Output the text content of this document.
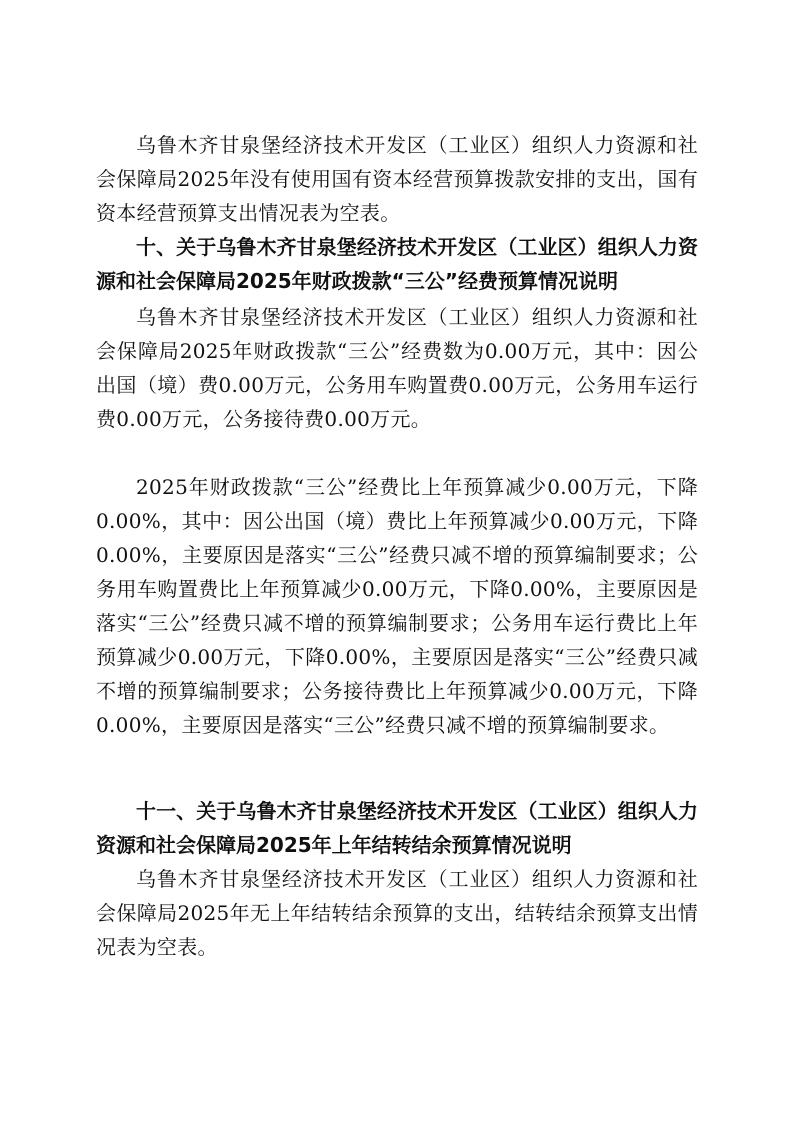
乌鲁木齐甘泉堡经济技术开发区（工业区）组织人力资源和社会保障局2025年没有使用国有资本经营预算拨款安排的支出，国有资本经营预算支出情况表为空表。

十、关于乌鲁木齐甘泉堡经济技术开发区（工业区）组织人力资源和社会保障局2025年财政拨款“三公”经费预算情况说明

乌鲁木齐甘泉堡经济技术开发区（工业区）组织人力资源和社会保障局2025年财政拨款“三公”经费数为0.00万元，其中：因公出国（境）费0.00万元，公务用车购置费0.00万元，公务用车运行费0.00万元，公务接待费0.00万元。

2025年财政拨款“三公”经费比上年预算减少0.00万元，下降0.00%，其中：因公出国（境）费比上年预算减少0.00万元，下降0.00%，主要原因是落实“三公”经费只减不增的预算编制要求；公务用车购置费比上年预算减少0.00万元，下降0.00%，主要原因是落实“三公”经费只减不增的预算编制要求；公务用车运行费比上年预算减少0.00万元，下降0.00%，主要原因是落实“三公”经费只减不增的预算编制要求；公务接待费比上年预算减少0.00万元，下降0.00%，主要原因是落实“三公”经费只减不增的预算编制要求。

十一、关于乌鲁木齐甘泉堡经济技术开发区（工业区）组织人力资源和社会保障局2025年上年结转结余预算情况说明

乌鲁木齐甘泉堡经济技术开发区（工业区）组织人力资源和社会保障局2025年无上年结转结余预算的支出，结转结余预算支出情况表为空表。
